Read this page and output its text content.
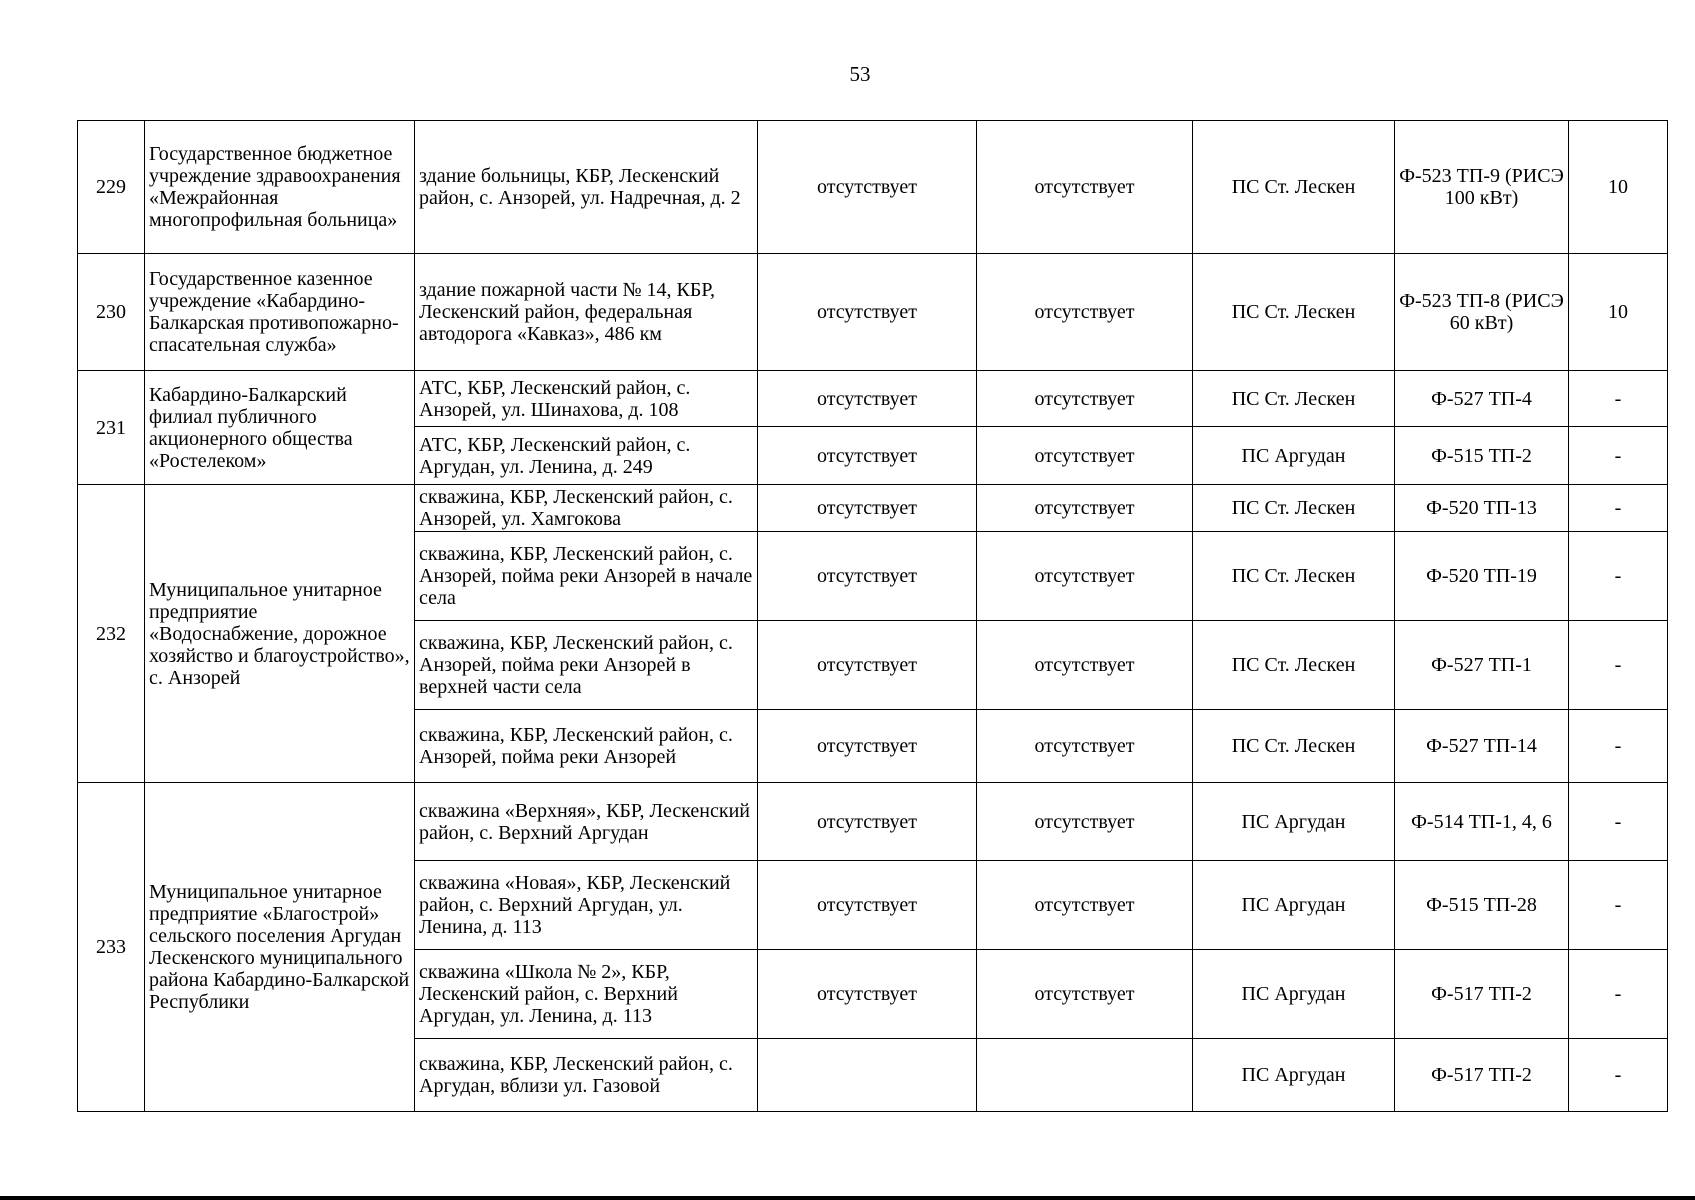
53
229	Государственное бюджетное учреждение здравоохранения «Межрайонная многопрофильная больница»	здание больницы, КБР, Лескенский район, с. Анзорей, ул. Надречная, д. 2	отсутствует	отсутствует	ПС Ст. Лескен	Ф-523 ТП-9 (РИСЭ 100 кВт)	10
230	Государственное казенное учреждение «Кабардино-Балкарская противопожарно-спасательная служба»	здание пожарной части № 14, КБР, Лескенский район, федеральная автодорога «Кавказ», 486 км	отсутствует	отсутствует	ПС Ст. Лескен	Ф-523 ТП-8 (РИСЭ 60 кВт)	10
231	Кабардино-Балкарский филиал публичного акционерного общества «Ростелеком»	АТС, КБР, Лескенский район, с. Анзорей, ул. Шинахова, д. 108	отсутствует	отсутствует	ПС Ст. Лескен	Ф-527 ТП-4	-
		АТС, КБР, Лескенский район, с. Аргудан, ул. Ленина, д. 249	отсутствует	отсутствует	ПС Аргудан	Ф-515 ТП-2	-
232	Муниципальное унитарное предприятие «Водоснабжение, дорожное хозяйство и благоустройство», с. Анзорей	скважина, КБР, Лескенский район, с. Анзорей, ул. Хамгокова	отсутствует	отсутствует	ПС Ст. Лескен	Ф-520 ТП-13	-
		скважина, КБР, Лескенский район, с. Анзорей, пойма реки Анзорей в начале села	отсутствует	отсутствует	ПС Ст. Лескен	Ф-520 ТП-19	-
		скважина, КБР, Лескенский район, с. Анзорей, пойма реки Анзорей в верхней части села	отсутствует	отсутствует	ПС Ст. Лескен	Ф-527 ТП-1	-
		скважина, КБР, Лескенский район, с. Анзорей, пойма реки Анзорей	отсутствует	отсутствует	ПС Ст. Лескен	Ф-527 ТП-14	-
233	Муниципальное унитарное предприятие «Благострой» сельского поселения Аргудан Лескенского муниципального района Кабардино-Балкарской Республики	скважина «Верхняя», КБР, Лескенский район, с. Верхний Аргудан	отсутствует	отсутствует	ПС Аргудан	Ф-514 ТП-1, 4, 6	-
		скважина «Новая», КБР, Лескенский район, с. Верхний Аргудан, ул. Ленина, д. 113	отсутствует	отсутствует	ПС Аргудан	Ф-515 ТП-28	-
		скважина «Школа № 2», КБР, Лескенский район, с. Верхний Аргудан, ул. Ленина, д. 113	отсутствует	отсутствует	ПС Аргудан	Ф-517 ТП-2	-
		скважина, КБР, Лескенский район, с. Аргудан, вблизи ул. Газовой			ПС Аргудан	Ф-517 ТП-2	-
